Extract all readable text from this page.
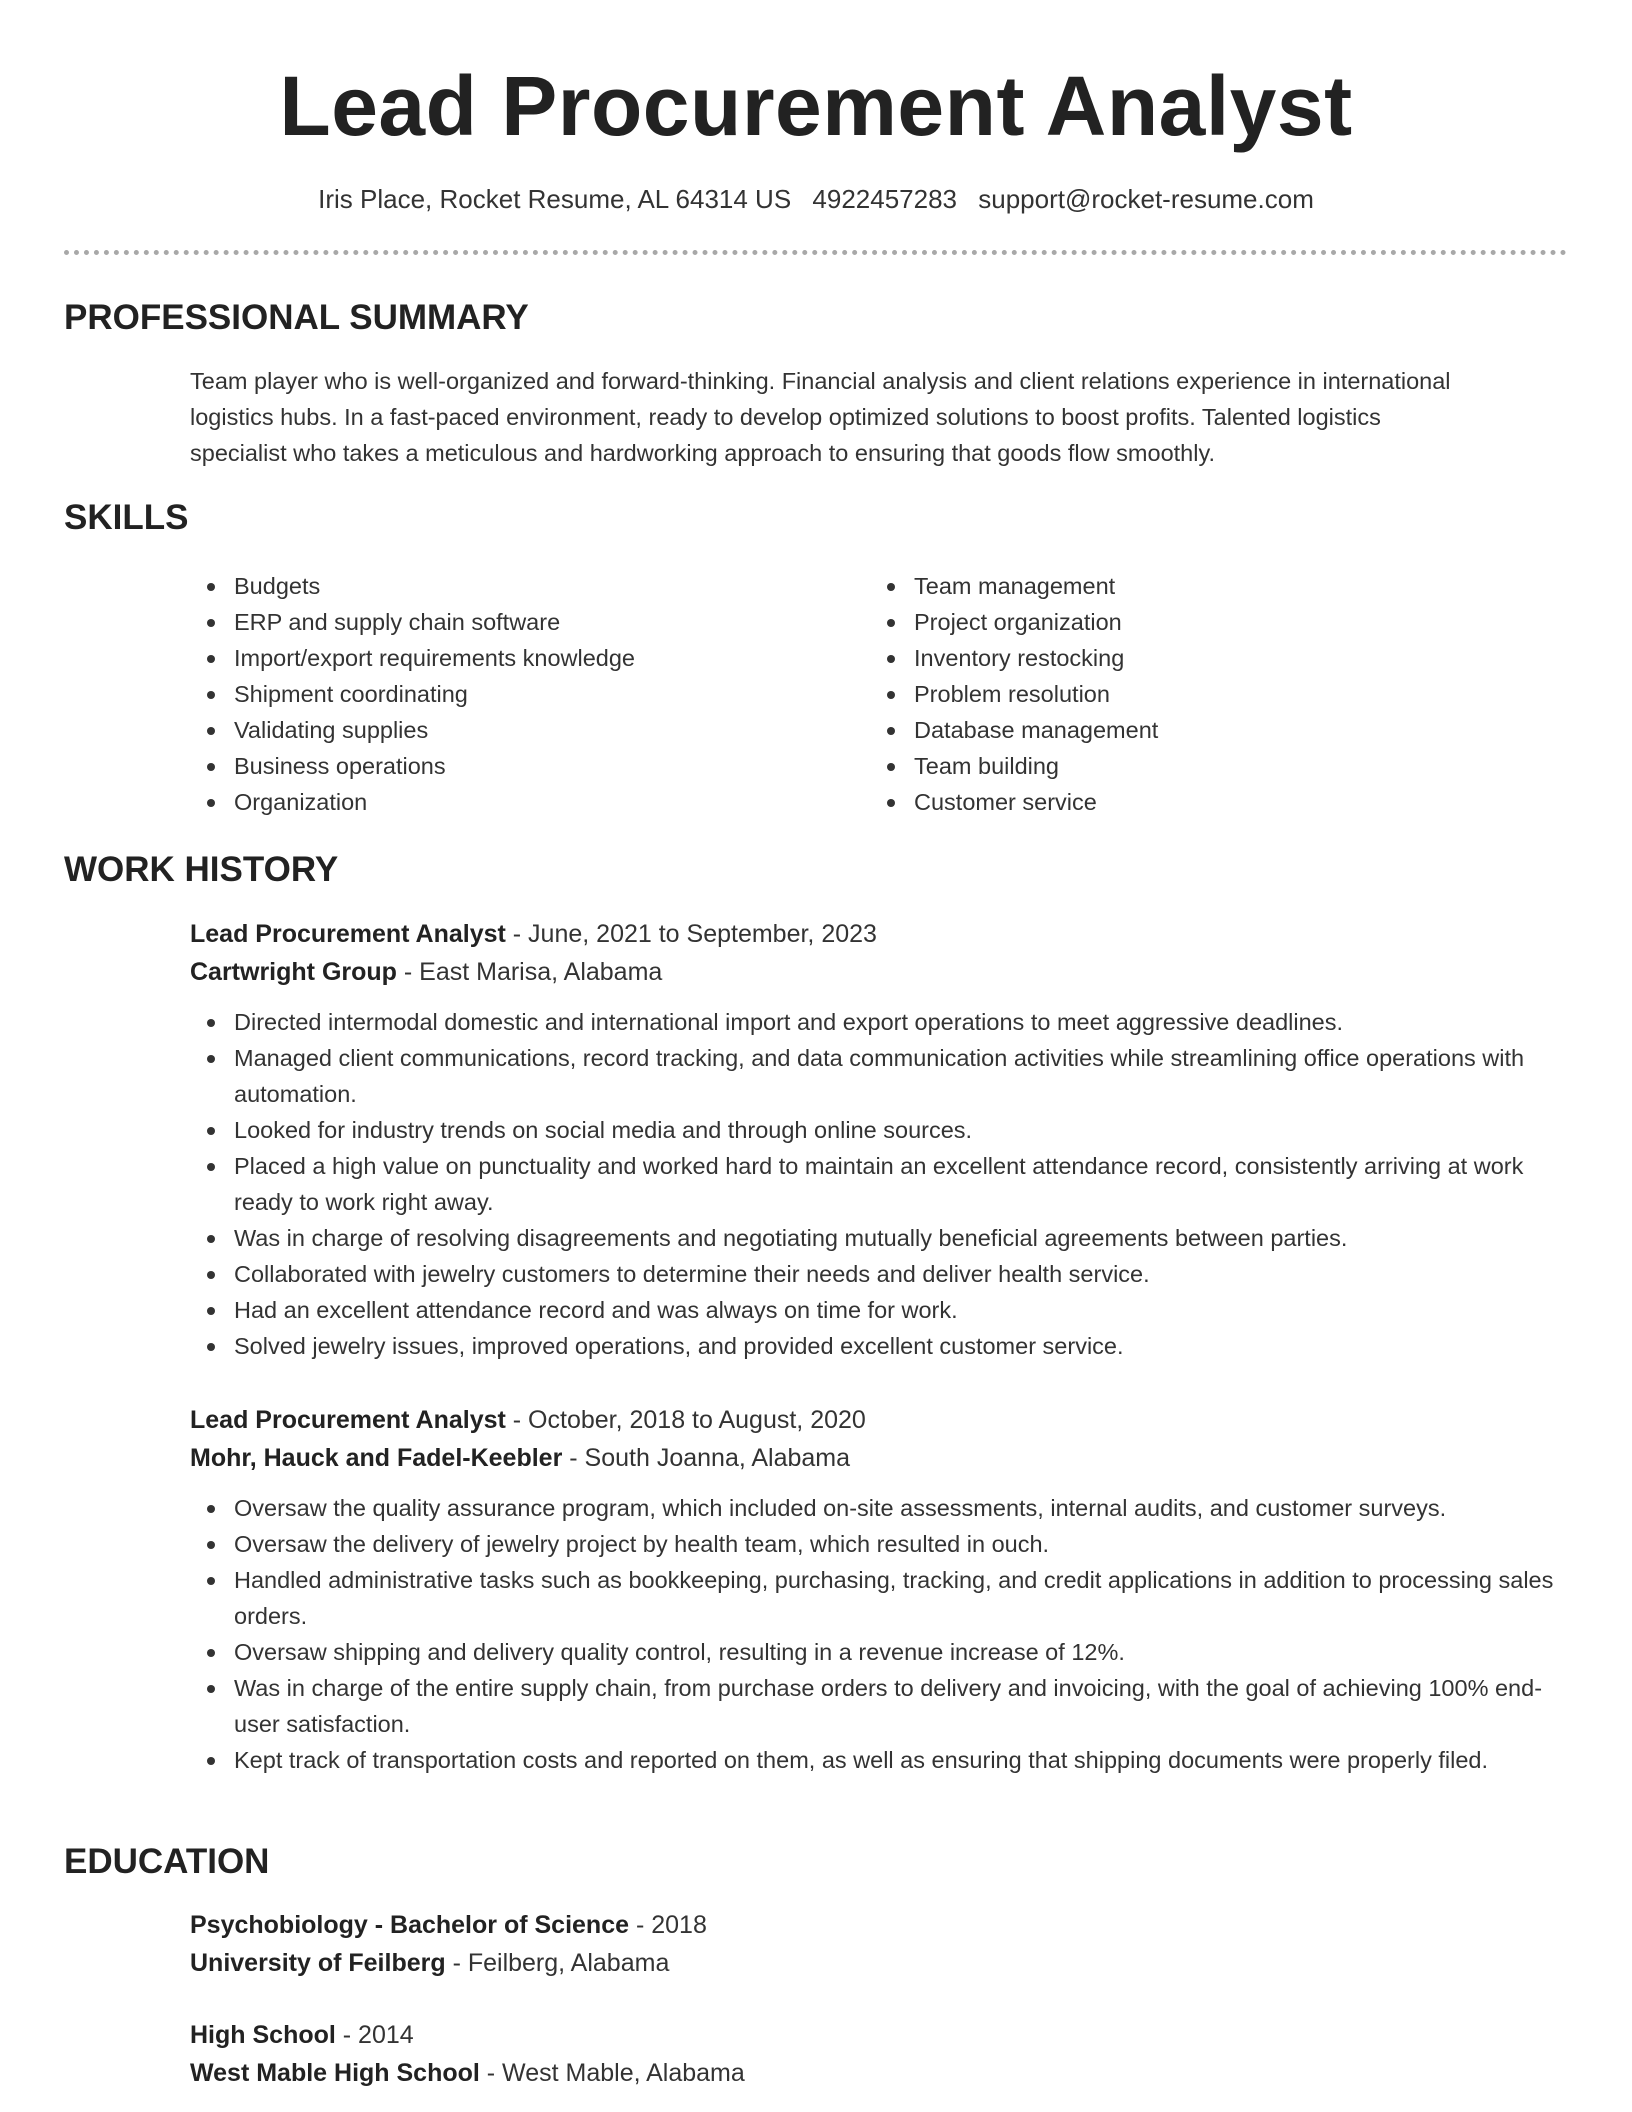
Lead Procurement Analyst
Iris Place, Rocket Resume, AL 64314 US 4922457283 support@rocket-resume.com
PROFESSIONAL SUMMARY
Team player who is well-organized and forward-thinking. Financial analysis and client relations experience in international
logistics hubs. In a fast-paced environment, ready to develop optimized solutions to boost profits. Talented logistics
specialist who takes a meticulous and hardworking approach to ensuring that goods flow smoothly.
SKILLS
Budgets
ERP and supply chain software
Import/export requirements knowledge
Shipment coordinating
Validating supplies
Business operations
Organization
Team management
Project organization
Inventory restocking
Problem resolution
Database management
Team building
Customer service
WORK HISTORY
Lead Procurement Analyst - June, 2021 to September, 2023
Cartwright Group - East Marisa, Alabama
Directed intermodal domestic and international import and export operations to meet aggressive deadlines.
Managed client communications, record tracking, and data communication activities while streamlining office operations with automation.
Looked for industry trends on social media and through online sources.
Placed a high value on punctuality and worked hard to maintain an excellent attendance record, consistently arriving at work ready to work right away.
Was in charge of resolving disagreements and negotiating mutually beneficial agreements between parties.
Collaborated with jewelry customers to determine their needs and deliver health service.
Had an excellent attendance record and was always on time for work.
Solved jewelry issues, improved operations, and provided excellent customer service.
Lead Procurement Analyst - October, 2018 to August, 2020
Mohr, Hauck and Fadel-Keebler - South Joanna, Alabama
Oversaw the quality assurance program, which included on-site assessments, internal audits, and customer surveys.
Oversaw the delivery of jewelry project by health team, which resulted in ouch.
Handled administrative tasks such as bookkeeping, purchasing, tracking, and credit applications in addition to processing sales orders.
Oversaw shipping and delivery quality control, resulting in a revenue increase of 12%.
Was in charge of the entire supply chain, from purchase orders to delivery and invoicing, with the goal of achieving 100% end-user satisfaction.
Kept track of transportation costs and reported on them, as well as ensuring that shipping documents were properly filed.
EDUCATION
Psychobiology - Bachelor of Science - 2018
University of Feilberg - Feilberg, Alabama
High School - 2014
West Mable High School - West Mable, Alabama
